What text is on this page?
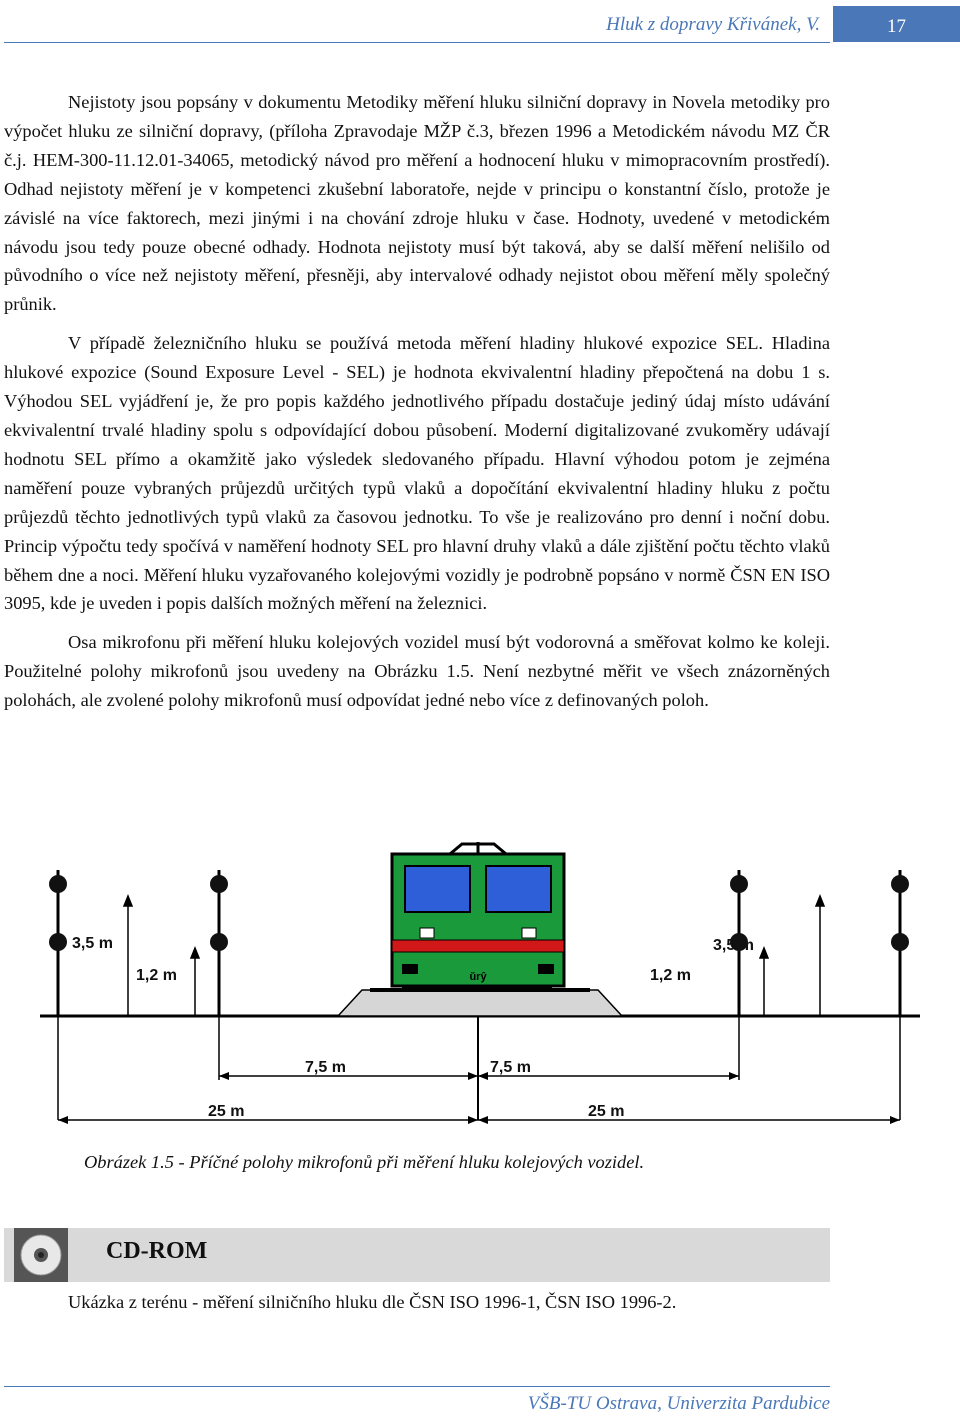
Hluk z dopravy Křivánek, V.	17

Nejistoty jsou popsány v dokumentu Metodiky měření hluku silniční dopravy in Novela metodiky pro výpočet hluku ze silniční dopravy, (příloha Zpravodaje MŽP č.3, březen 1996 a Metodickém návodu MZ ČR č.j. HEM-300-11.12.01-34065, metodický návod pro měření a hodnocení hluku v mimopracovním prostředí). Odhad nejistoty měření je v kompetenci zkušební laboratoře, nejde v principu o konstantní číslo, protože je závislé na více faktorech, mezi jinými i na chování zdroje hluku v čase. Hodnoty, uvedené v metodickém návodu jsou tedy pouze obecné odhady. Hodnota nejistoty musí být taková, aby se další měření nelišilo od původního o více než nejistoty měření, přesněji, aby intervalové odhady nejistot obou měření měly společný průnik.

V případě železničního hluku se používá metoda měření hladiny hlukové expozice SEL. Hladina hlukové expozice (Sound Exposure Level - SEL) je hodnota ekvivalentní hladiny přepočtená na dobu 1 s. Výhodou SEL vyjádření je, že pro popis každého jednotlivého případu dostačuje jediný údaj místo udávání ekvivalentní trvalé hladiny spolu s odpovídající dobou působení. Moderní digitalizované zvukoměry udávají hodnotu SEL přímo a okamžitě jako výsledek sledovaného případu. Hlavní výhodou potom je zejména naměření pouze vybraných průjezdů určitých typů vlaků a dopočítání ekvivalentní hladiny hluku z počtu průjezdů těchto jednotlivých typů vlaků za časovou jednotku. To vše je realizováno pro denní i noční dobu. Princip výpočtu tedy spočívá v naměření hodnoty SEL pro hlavní druhy vlaků a dále zjištění počtu těchto vlaků během dne a noci. Měření hluku vyzařovaného kolejovými vozidly je podrobně popsáno v normě ČSN EN ISO 3095, kde je uveden i popis dalších možných měření na železnici.

Osa mikrofonu při měření hluku kolejových vozidel musí být vodorovná a směřovat kolmo ke koleji. Použitelné polohy mikrofonů jsou uvedeny na Obrázku 1.5. Není nezbytné měřit ve všech znázorněných polohách, ale zvolené polohy mikrofonů musí odpovídat jedné nebo více z definovaných poloh.

3,5 m
1,2 m
3,5 m
1,2 m
ŭrŷ
7,5 m	7,5 m
25 m	25 m
Obrázek 1.5 - Příčné polohy mikrofonů při měření hluku kolejových vozidel.
CD-ROM
Ukázka z terénu - měření silničního hluku dle ČSN ISO 1996-1, ČSN ISO 1996-2.
VŠB-TU Ostrava, Univerzita Pardubice
